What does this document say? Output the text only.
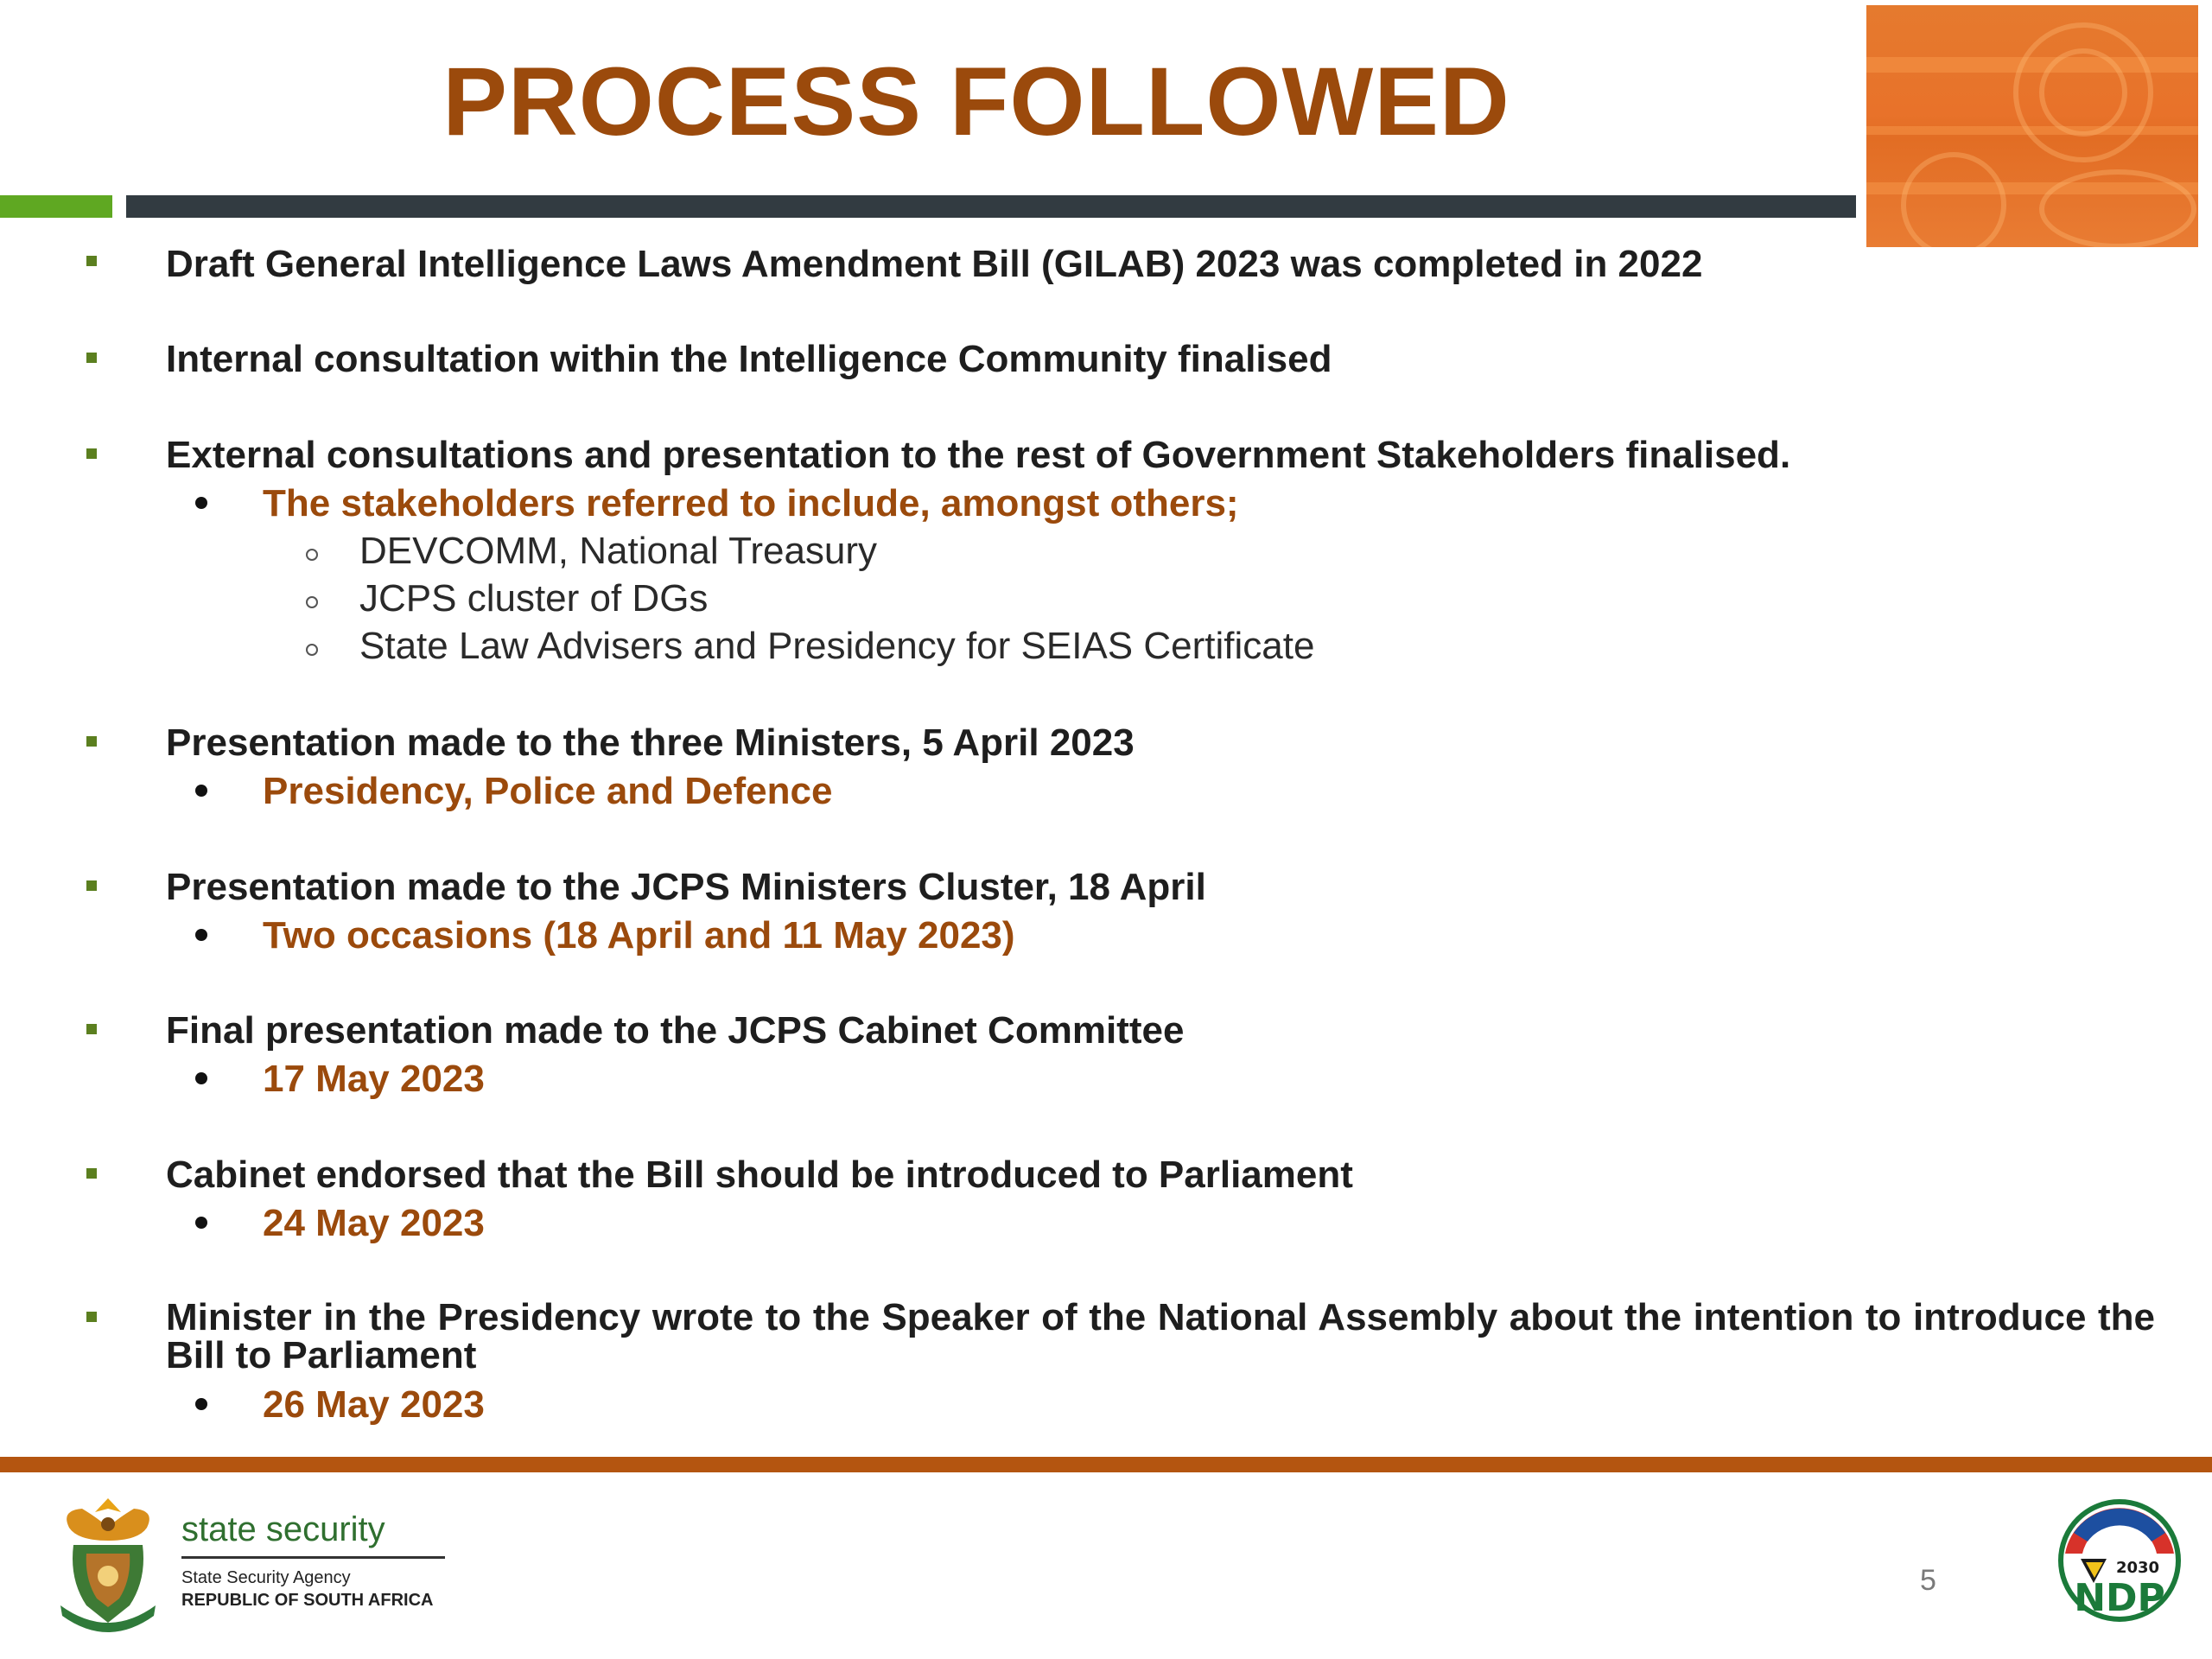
PROCESS FOLLOWED
Draft General Intelligence Laws Amendment Bill (GILAB) 2023 was completed in 2022
Internal consultation within the Intelligence Community finalised
External consultations and presentation to the rest of Government Stakeholders finalised.
The stakeholders referred to include, amongst others;
DEVCOMM, National Treasury
JCPS cluster of DGs
State Law Advisers and Presidency for SEIAS Certificate
Presentation made to the three Ministers, 5 April 2023
Presidency, Police and Defence
Presentation made to the JCPS Ministers Cluster, 18 April
Two occasions (18 April and 11 May 2023)
Final presentation made to the JCPS Cabinet Committee
17 May 2023
Cabinet endorsed that the Bill should be introduced to Parliament
24 May 2023
Minister in the Presidency wrote to the Speaker of the National Assembly about the intention to introduce the Bill to Parliament
26 May 2023
state security
State Security Agency
REPUBLIC OF SOUTH AFRICA
5	2030
NDP
